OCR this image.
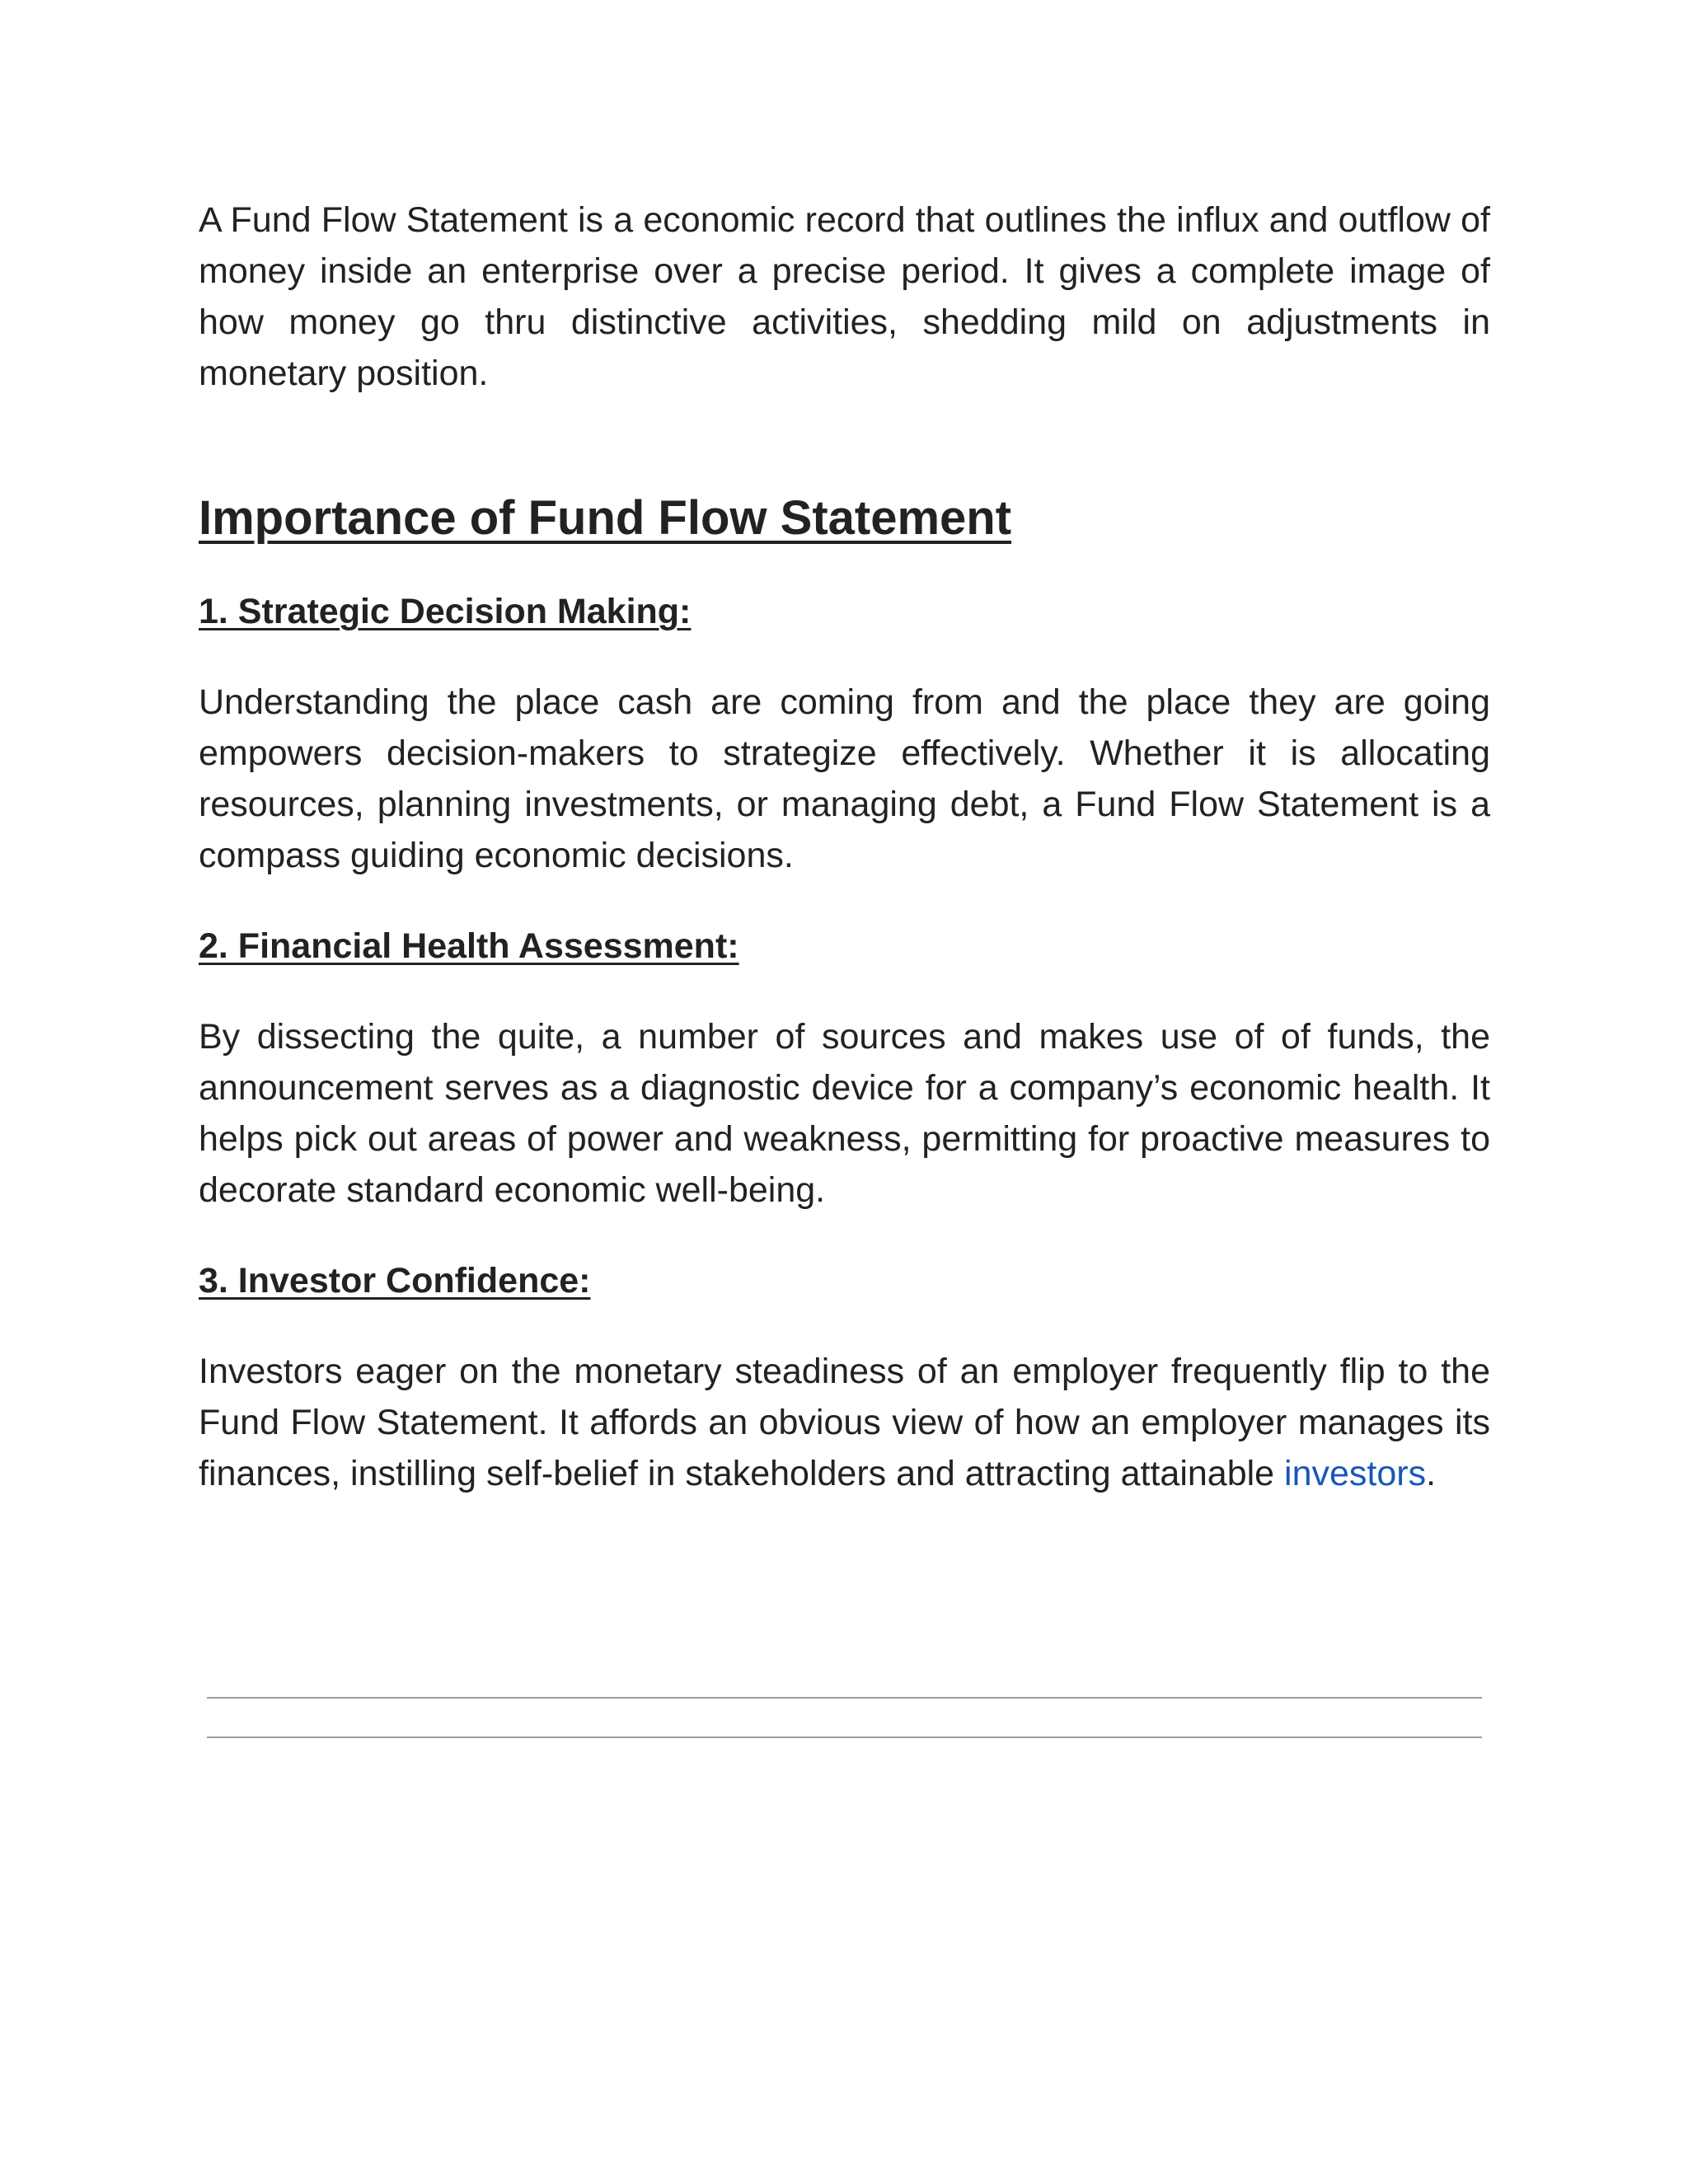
A Fund Flow Statement is a economic record that outlines the influx and outflow of money inside an enterprise over a precise period. It gives a complete image of how money go thru distinctive activities, shedding mild on adjustments in monetary position.

Importance of Fund Flow Statement
1. Strategic Decision Making:

Understanding the place cash are coming from and the place they are going empowers decision-makers to strategize effectively. Whether it is allocating resources, planning investments, or managing debt, a Fund Flow Statement is a compass guiding economic decisions.

2. Financial Health Assessment:

By dissecting the quite, a number of sources and makes use of of funds, the announcement serves as a diagnostic device for a company’s economic health. It helps pick out areas of power and weakness, permitting for proactive measures to decorate standard economic well-being.

3. Investor Confidence:

Investors eager on the monetary steadiness of an employer frequently flip to the Fund Flow Statement. It affords an obvious view of how an employer manages its finances, instilling self-belief in stakeholders and attracting attainable investors.
